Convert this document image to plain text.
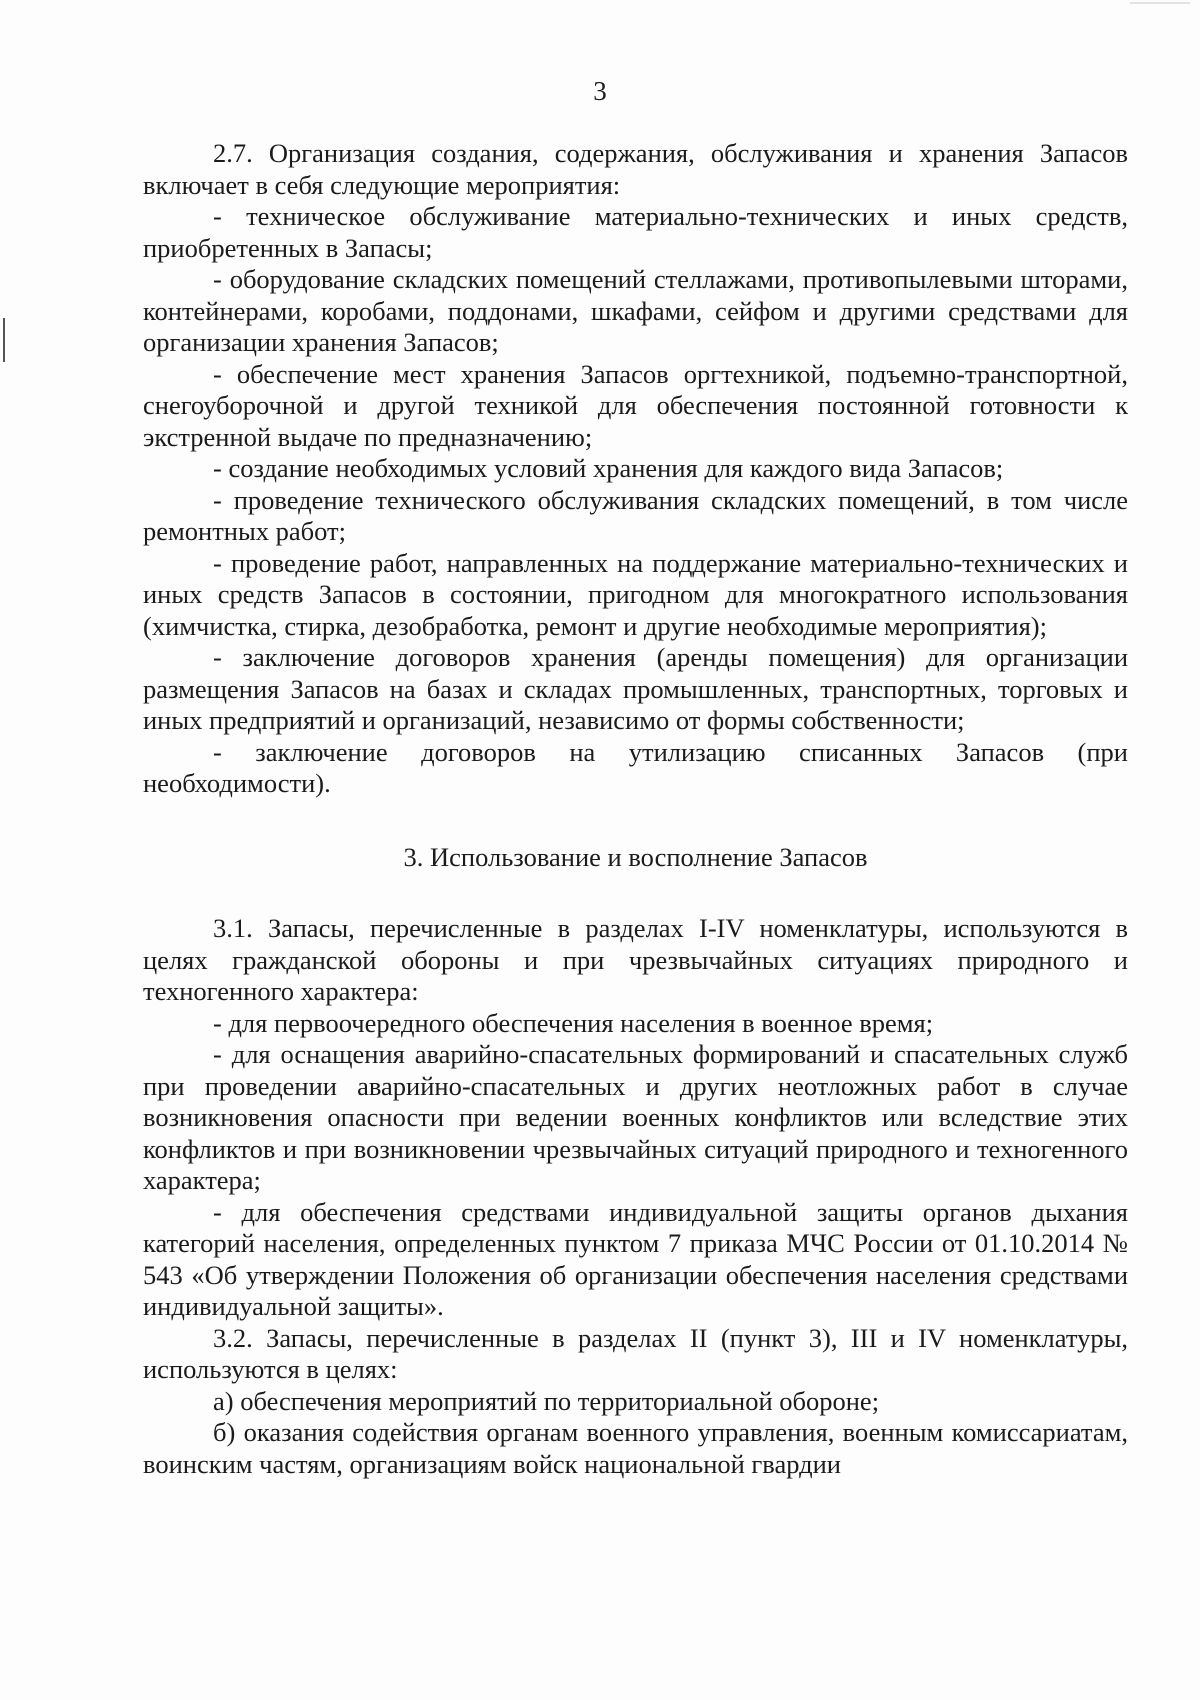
3

2.7. Организация создания, содержания, обслуживания и хранения Запасов включает в себя следующие мероприятия:

- техническое обслуживание материально-технических и иных средств, приобретенных в Запасы;

- оборудование складских помещений стеллажами, противопылевыми шторами, контейнерами, коробами, поддонами, шкафами, сейфом и другими средствами для организации хранения Запасов;

- обеспечение мест хранения Запасов оргтехникой, подъемно-транспортной, снегоуборочной и другой техникой для обеспечения постоянной готовности к экстренной выдаче по предназначению;

- создание необходимых условий хранения для каждого вида Запасов;

- проведение технического обслуживания складских помещений, в том числе ремонтных работ;

- проведение работ, направленных на поддержание материально-технических и иных средств Запасов в состоянии, пригодном для многократного использования (химчистка, стирка, дезобработка, ремонт и другие необходимые мероприятия);

- заключение договоров хранения (аренды помещения) для организации размещения Запасов на базах и складах промышленных, транспортных, торговых и иных предприятий и организаций, независимо от формы собственности;

- заключение договоров на утилизацию списанных Запасов (при необходимости).

3. Использование и восполнение Запасов

3.1. Запасы, перечисленные в разделах I-IV номенклатуры, используются в целях гражданской обороны и при чрезвычайных ситуациях природного и техногенного характера:

- для первоочередного обеспечения населения в военное время;

- для оснащения аварийно-спасательных формирований и спасательных служб при проведении аварийно-спасательных и других неотложных работ в случае возникновения опасности при ведении военных конфликтов или вследствие этих конфликтов и при возникновении чрезвычайных ситуаций природного и техногенного характера;

- для обеспечения средствами индивидуальной защиты органов дыхания категорий населения, определенных пунктом 7 приказа МЧС России от 01.10.2014 № 543 «Об утверждении Положения об организации обеспечения населения средствами индивидуальной защиты».

3.2. Запасы, перечисленные в разделах II (пункт 3), III и IV номенклатуры, используются в целях:

а) обеспечения мероприятий по территориальной обороне;

б) оказания содействия органам военного управления, военным комиссариатам, воинским частям, организациям войск национальной гвардии
